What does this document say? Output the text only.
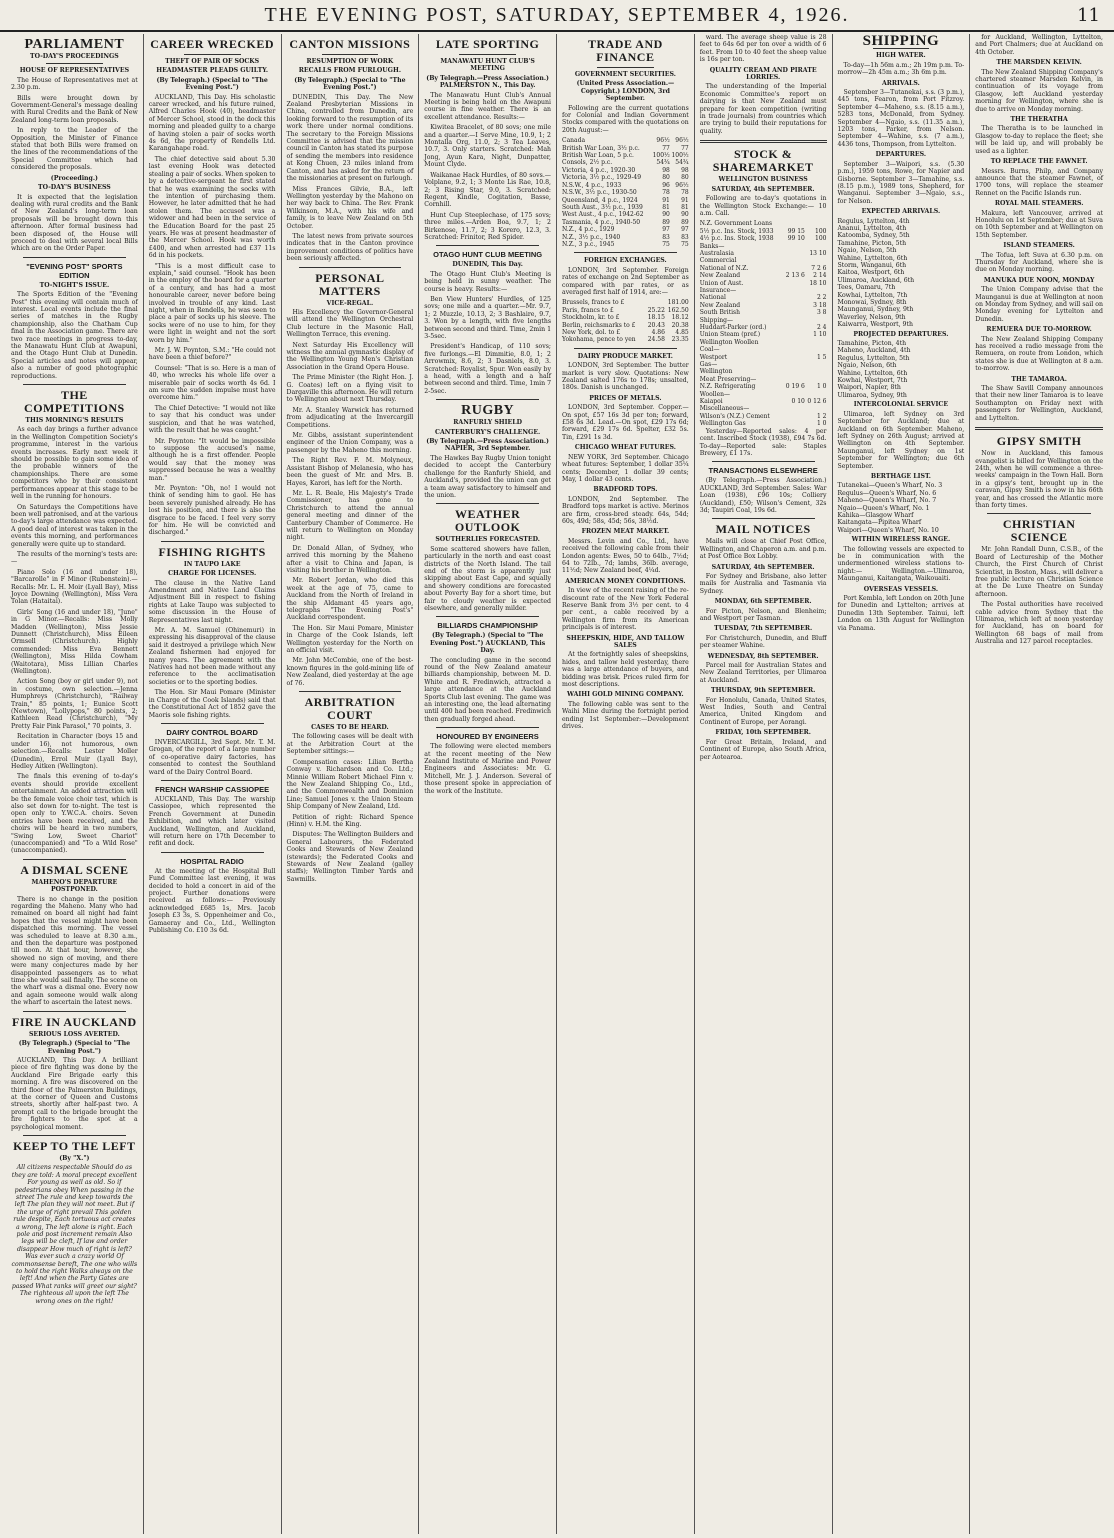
THE EVENING POST, SATURDAY, SEPTEMBER 4, 1926.	11
PARLIAMENT
TO-DAY'S PROCEEDINGS
HOUSE OF REPRESENTATIVES

The House of Representatives met at 2.30 p.m.

Bills were brought down by Government-General's message dealing with Rural Credits and the Bank of New Zealand long-term loan proposals.

In reply to the Leader of the Opposition, the Minister of Finance stated that both Bills were framed on the lines of the recommendations of the Special Committee which had considered the proposals.

(Proceeding.)
TO-DAY'S BUSINESS

It is expected that the legislation dealing with rural credits and the Bank of New Zealand's long-term loan proposals will be brought down this afternoon. After formal business had been disposed of, the House will proceed to deal with several local Bills which are on the Order Paper.

"EVENING POST" SPORTS EDITION
TO-NIGHT'S ISSUE.

The Sports Edition of the "Evening Post" this evening will contain much of interest. Local events include the final series of matches in the Rugby championship, also the Chatham Cup final in the Association game. There are two race meetings in progress to-day, the Manawatu Hunt Club at Awapuni, and the Otago Hunt Club at Dunedin. Special articles and notes will appear, also a number of good photographic reproductions.

THE COMPETITIONS
THIS MORNING'S RESULTS

As each day brings a further advance in the Wellington Competition Society's programme, interest in the various events increases. Early next week it should be possible to gain some idea of the probable winners of the championships. There are some competitors who by their consistent performances appear at this stage to be well in the running for honours.

On Saturdays the Competitions have been well patronised, and at the various to-day's large attendance was expected. A good deal of interest was taken in the events this morning, and performances generally were quite up to standard.

The results of the morning's tests are:—

Piano Solo (16 and under 18), "Barcarolle" in F Minor (Rubenstein).—Recalls: Mr. L. H. Moir (Lyall Bay), Miss Joyce Downing (Wellington), Miss Vera Tolan (Hataitai).

Girls' Song (16 and under 18), "June" in G Minor.—Recalls: Miss Molly Madden (Wellington), Miss Jessie Dunnett (Christchurch), Miss Eileen Ormsell (Christchurch). Highly commended: Miss Eva Bennett (Wellington), Miss Hilda Cowham (Waitotara), Miss Lillian Charles (Wellington).

Action Song (boy or girl under 9), not in costume, own selection.—Jenna Humphreys (Christchurch), "Railway Train," 85 points, 1; Eunice Scott (Newtown), "Lollypops," 80 points, 2; Kathleen Read (Christchurch), "My Pretty Fair Pink Parasol," 70 points, 3.

Recitation in Character (boys 15 and under 16), not humorous, own selection.—Recalls: Lester Moller (Dunedin), Errol Muir (Lyall Bay), Hedley Aitken (Wellington).

The finals this evening of to-day's events should provide excellent entertainment. An added attraction will be the female voice choir test, which is also set down for to-night. The test is open only to Y.W.C.A. choirs. Seven entries have been received, and the choirs will be heard in two numbers, "Swing Low, Sweet Chariot" (unaccompanied) and "To a Wild Rose" (unaccompanied).

A DISMAL SCENE
MAHENO'S DEPARTURE POSTPONED.

There is no change in the position regarding the Maheno. Many who had remained on board all night had faint hopes that the vessel might have been dispatched this morning. The vessel was scheduled to leave at 8.30 a.m., and then the departure was postponed till noon. At that hour, however, she showed no sign of moving, and there were many conjectures made by her disappointed passengers as to what time she would sail finally. The scene on the wharf was a dismal one. Every now and again someone would walk along the wharf to ascertain the latest news.

FIRE IN AUCKLAND
SERIOUS LOSS AVERTED.
(By Telegraph.) (Special to "The Evening Post.")

AUCKLAND, This Day. A brilliant piece of fire fighting was done by the Auckland Fire Brigade early this morning. A fire was discovered on the third floor of the Palmerston Buildings, at the corner of Queen and Customs streets, shortly after half-past two. A prompt call to the brigade brought the fire fighters to the spot at a psychological moment.

KEEP TO THE LEFT
(By "X.")
All citizens respectable Should do as they are told: A moral precept excellent For young as well as old. So if pedestrians obey When passing in the street The rule and keep towards the left The plan they will not meet. But if the urge of right prevail This golden rule despite, Each tortuous act creates a wrong, The left alone is right. Each pole and post increment remain Also legs will be cleft, If law and order disappear How much of right is left? Was ever such a crazy world Of commonsense bereft, The one who wills to hold the right Walks always on the left! And when the Party Gates are passed What ranks will greet our sight? The righteous all upon the left The wrong ones on the right!
CAREER WRECKED
THEFT OF PAIR OF SOCKS
HEADMASTER PLEADS GUILTY.
(By Telegraph.) (Special to "The Evening Post.")

AUCKLAND, This Day. His scholastic career wrecked, and his future ruined, Alfred Charles Hook (40), headmaster of Mercer School, stood in the dock this morning and pleaded guilty to a charge of having stolen a pair of socks worth 4s 6d, the property of Rendells Ltd. Karangahape road.

The chief detective said about 5.30 last evening Hook was detected stealing a pair of socks. When spoken to by a detective-sergeant he first stated that he was examining the socks with the intention of purchasing them. However, he later admitted that he had stolen them. The accused was a widower and had been in the service of the Education Board for the past 25 years. He was at present headmaster of the Mercer School. Hook was worth £400, and when arrested had £37 11s 6d in his pockets.

"This is a most difficult case to explain," said counsel. "Hook has been in the employ of the board for a quarter of a century, and has had a most honourable career, never before being involved in trouble of any kind. Last night, when in Rendells, he was seen to place a pair of socks up his sleeve. The socks were of no use to him, for they were light in weight and not the sort worn by him."

Mr. J. W. Poynton, S.M.: "He could not have been a thief before?"

Counsel: "That is so. Here is a man of 40, who wrecks his whole life over a miserable pair of socks worth 4s 6d. I am sure the sudden impulse must have overcome him."

The Chief Detective: "I would not like to say that his conduct was under suspicion, and that he was watched, with the result that he was caught."

Mr. Poynton: "It would be impossible to suppose the accused's name, although he is a first offender. People would say that the money was suppressed because he was a wealthy man."

Mr. Poynton: "Oh, no! I would not think of sending him to gaol. He has been severely punished already. He has lost his position, and there is also the disgrace to be faced. I feel very sorry for him. He will be convicted and discharged."

FISHING RIGHTS
IN TAUPO LAKE
CHARGE FOR LICENSES.

The clause in the Native Land Amendment and Native Land Claims Adjustment Bill in respect to fishing rights at Lake Taupo was subjected to some discussion in the House of Representatives last night.

Mr. A. M. Samuel (Ohinemuri) in expressing his disapproval of the clause said it destroyed a privilege which New Zealand fishermen had enjoyed for many years. The agreement with the Natives had not been made without any reference to the acclimatisation societies or to the sporting bodies.

The Hon. Sir Maui Pomare (Minister in Charge of the Cook Islands) said that the Constitutional Act of 1852 gave the Maoris sole fishing rights.

DAIRY CONTROL BOARD

INVERCARGILL, 3rd Sept. Mr. T. M. Grogan, of the report of a large number of co-operative dairy factories, has consented to contest the Southland ward of the Dairy Control Board.

FRENCH WARSHIP CASSIOPEE

AUCKLAND, This Day. The warship Cassiopee, which represented the French Government at Dunedin Exhibition, and which later visited Auckland, Wellington, and Auckland, will return here on 17th December to refit and dock.

HOSPITAL RADIO

At the meeting of the Hospital Bull Fund Committee last evening, it was decided to hold a concert in aid of the project. Further donations were received as follows:— Previously acknowledged £685 1s, Mrs. Jacob Joseph £3 3s, S. Oppenheimer and Co., Gamaeray and Co., Ltd., Wellington Publishing Co. £10 3s 6d.

CANTON MISSIONS
RESUMPTION OF WORK
RECALLS FROM FURLOUGH.
(By Telegraph.) (Special to "The Evening Post.")

DUNEDIN, This Day. The New Zealand Presbyterian Missions in China, controlled from Dunedin, are looking forward to the resumption of its work there under normal conditions. The secretary to the Foreign Missions Committee is advised that the mission council in Canton has stated its purpose of sending the members into residence at Kong Chuen, 23 miles inland from Canton, and has asked for the return of the missionaries at present on furlough.

Miss Frances Gilvie, B.A., left Wellington yesterday by the Mahono on her way back to China. The Rev. Frank Wilkinson, M.A., with his wife and family, is to leave New Zealand on 5th October.

The latest news from private sources indicates that in the Canton province improvement conditions of politics have been seriously affected.

PERSONAL MATTERS
VICE-REGAL.

His Excellency the Governor-General will attend the Wellington Orchestral Club lecture in the Masonic Hall, Wellington Terrace, this evening.

Next Saturday His Excellency will witness the annual gymnastic display of the Wellington Young Men's Christian Association in the Grand Opera House.

The Prime Minister (the Right Hon. J. G. Coates) left on a flying visit to Dargaville this afternoon. He will return to Wellington about next Thursday.

Mr. A. Stanley Warwick has returned from adjudicating at the Invercargill Competitions.

Mr. Gibbs, assistant superintendent engineer of the Union Company, was a passenger by the Maheno this morning.

The Right Rev. F. M. Molyneux, Assistant Bishop of Melanesia, who has been the guest of Mr. and Mrs. B. Hayes, Karori, has left for the North.

Mr. L. R. Beale, His Majesty's Trade Commissioner, has gone to Christchurch to attend the annual general meeting and dinner of the Canterbury Chamber of Commerce. He will return to Wellington on Monday night.

Dr. Donald Allan, of Sydney, who arrived this morning by the Maheno after a visit to China and Japan, is visiting his brother in Wellington.

Mr. Robert Jordan, who died this week at the age of 75, came to Auckland from the North of Ireland in the ship Aldamant 45 years ago, telegraphs "The Evening Post's" Auckland correspondent.

The Hon. Sir Maui Pomare, Minister in Charge of the Cook Islands, left Wellington yesterday for the North on an official visit.

Mr. John McCombie, one of the best-known figures in the gold-mining life of New Zealand, died yesterday at the age of 76.

ARBITRATION COURT
CASES TO BE HEARD.

The following cases will be dealt with at the Arbitration Court at the September sittings:—

Compensation cases: Lilian Bertha Conway v. Richardson and Co. Ltd.; Minnie William Robert Michael Finn v. the New Zealand Shipping Co., Ltd., and the Commonwealth and Dominion Line; Samuel Jones v. the Union Steam Ship Company of New Zealand, Ltd.

Petition of right: Richard Spence (Hinn) v. H.M. the King.

Disputes: The Wellington Builders and General Labourers, the Federated Cooks and Stewards of New Zealand (stewards); the Federated Cooks and Stewards of New Zealand (galley staffs); Wellington Timber Yards and Sawmills.

LATE SPORTING
MANAWATU HUNT CLUB'S MEETING
(By Telegraph.—Press Association.) PALMERSTON N., This Day.

The Manawatu Hunt Club's Annual Meeting is being held on the Awapuni course in fine weather. There is an excellent attendance. Results:—

Kiwitea Bracelet, of 80 sovs; one mile and a quarter.—I Serve Mine, 10.9, 1; 2 Montalla Org, 11.0, 2; 3 Tea Leaves, 10.7, 3. Only starters. Scratched: Mah Jong, Ayun Kara, Night, Dunpatter, Mount Clyde.

Waikanae Hack Hurdles, of 80 sovs.—Volplane, 9.2, 1; 3 Monte Lis Rae, 10.8, 2; 3 Rising Star, 9.0, 3. Scratched: Regent, Kindle, Cogitation, Basse, Cornhill.

Hunt Cup Steeplechase, of 175 sovs; three miles.—Arden Boa, 9.7, 1; 2 Birkenose, 11.7, 2; 3 Korero, 12.3, 3. Scratched: Frinitor, Red Spider.

OTAGO HUNT CLUB MEETING
DUNEDIN, This Day.

The Otago Hunt Club's Meeting is being held in sunny weather. The course is heavy. Results:—

Ben View Hunters' Hurdles, of 125 sovs; one mile and a quarter.—Mr. 9.7, 1; 2 Muzzle, 10.13, 2; 3 Bashlaire, 9.7, 3. Won by a length, with five lengths between second and third. Time, 2min 1 3-5sec.

President's Handicap, of 110 sovs; five furlongs.—El Dimmitie, 8.0, 1; 2 Arrowmix, 8.6, 2; 3 Dasniels, 8.0, 3. Scratched: Royalist, Spur. Won easily by a head, with a length and a half between second and third. Time, 1min 7 2-5sec.

RUGBY
RANFURLY SHIELD
CANTERBURY'S CHALLENGE.
(By Telegraph.—Press Association.) NAPIER, 3rd September.

The Hawkes Bay Rugby Union tonight decided to accept the Canterbury challenge for the Ranfurly Shield, and Auckland's, provided the union can get a team away satisfactory to himself and the union.

WEATHER OUTLOOK
SOUTHERLIES FORECASTED.

Some scattered showers have fallen, particularly in the north and east coast districts of the North Island. The tail end of the storm is apparently just skipping about East Cape, and squally and showery conditions are forecasted about Poverty Bay for a short time, but fair to cloudy weather is expected elsewhere, and generally milder.

BILLIARDS CHAMPIONSHIP
(By Telegraph.) (Special to "The Evening Post.") AUCKLAND, This Day.

The concluding game in the second round of the New Zealand amateur billiards championship, between M. D. White and R. Fredinwich, attracted a large attendance at the Auckland Sports Club last evening. The game was an interesting one, the lead alternating until 400 had been reached. Fredinwich then gradually forged ahead.

HONOURED BY ENGINEERS

The following were elected members at the recent meeting of the New Zealand Institute of Marine and Power Engineers and Associates: Mr. G. Mitchell, Mr. J. J. Anderson. Several of those present spoke in appreciation of the work of the Institute.

TRADE AND FINANCE
GOVERNMENT SECURITIES.
(United Press Association.—Copyright.) LONDON, 3rd September.

Following are the current quotations for Colonial and Indian Government Stocks compared with the quotations on 20th August:—

Canada	96½	96½
British War Loan, 3½ p.c.	77	77
British War Loan, 5 p.c.	100½	100½
Consols, 2½ p.c.	54¾	54¾
Victoria, 4 p.c., 1920-30	98	98
Victoria, 3½ p.c., 1929-49	80	80
N.S.W., 4 p.c., 1933	96	96½
N.S.W., 3½ p.c., 1930-50	78	78
Queensland, 4 p.c., 1924	91	91
South Aust., 3½ p.c., 1939	81	81
West Aust., 4 p.c., 1942-62	90	90
Tasmania, 4 p.c., 1940-50	89	89
N.Z., 4 p.c., 1929	97	97
N.Z., 3½ p.c., 1940	83	83
N.Z., 3 p.c., 1945	75	75
FOREIGN EXCHANGES.

LONDON, 3rd September. Foreign rates of exchange on 2nd September as compared with par rates, or as averaged first half of 1914, are:—

Brussels, francs to £		181.00
Paris, francs to £	25.22	162.50
Stockholm, kr. to £	18.15	18.12
Berlin, reichsmarks to £	20.43	20.38
New York, dol. to £	4.86	4.85
Yokohama, pence to yen	24.58	23.35
DAIRY PRODUCE MARKET.

LONDON, 3rd September. The butter market is very slow. Quotations: New Zealand salted 176s to 178s; unsalted, 180s. Danish is unchanged.

PRICES OF METALS.

LONDON, 3rd September. Copper.—On spot, £57 16s 3d per ton; forward, £58 6s 3d. Lead.—On spot, £29 17s 6d; forward, £29 17s 6d. Spelter, £32 5s. Tin, £291 1s 3d.

CHICAGO WHEAT FUTURES.

NEW YORK, 3rd September. Chicago wheat futures: September, 1 dollar 35¼ cents; December, 1 dollar 39 cents; May, 1 dollar 43 cents.

BRADFORD TOPS.

LONDON, 2nd September. The Bradford tops market is active. Merinos are firm, cross-bred steady. 64s, 54d; 60s, 49d; 58s, 45d; 56s, 38½d.

FROZEN MEAT MARKET.

Messrs. Levin and Co., Ltd., have received the following cable from their London agents: Ewes, 50 to 64lb., 7½d; 64 to 72lb., 7d; lambs, 36lb. average, 11½d; New Zealand beef, 4¼d.

AMERICAN MONEY CONDITIONS.

In view of the recent raising of the re-discount rate of the New York Federal Reserve Bank from 3½ per cent. to 4 per cent., a cable received by a Wellington firm from its American principals is of interest.

SHEEPSKIN, HIDE, AND TALLOW SALES

At the fortnightly sales of sheepskins, hides, and tallow held yesterday, there was a large attendance of buyers, and bidding was brisk. Prices ruled firm for most descriptions.

WAIHI GOLD MINING COMPANY.

The following cable was sent to the Waihi Mine during the fortnight period ending 1st September:—Development drives.

ward. The average sheep value is 28 feet to 64s 6d per ton over a width of 6 feet. From 10 to 40 feet the sheep value is 16s per ton.

QUALITY CREAM AND PIRATE LORRIES.

The understanding of the Imperial Economic Committee's report on dairying is that New Zealand must prepare for keen competition (writing in trade journals) from countries which are trying to build their reputations for quality.

STOCK & SHAREMARKET
WELLINGTON BUSINESS
SATURDAY, 4th SEPTEMBER.

Following are to-day's quotations in the Wellington Stock Exchange:— 10 a.m. Call.

N.Z. Government Loans		
5½ p.c. Ins. Stock, 1933	99 15	100
4½ p.c. Ins. Stock, 1938	99 10	100
Banks—		
Australasia		13 10
Commercial		
National of N.Z.		7 2 6
New Zealand	2 13 6	2 14
Union of Aust.		18 10
Insurance—		
National		2 2
New Zealand		3 18
South British		3 8
Shipping—		
Huddart-Parker (ord.)		2 4
Union Steam (pref.)		1 10
Wellington Woollen		
Coal—		
Westport		1 5
Gas—		
Wellington		
Meat Preserving—		
N.Z. Refrigerating	0 19 6	1 0
Woollen—		
Kaiapoi	0 10	0 12 6
Miscellaneous—		
Wilson's (N.Z.) Cement		1 2
Wellington Gas		1 0

Yesterday—Reported sales: 4 per cent. Inscribed Stock (1938), £94 7s 6d. To-day—Reported sale: Staples Brewery, £1 17s.

TRANSACTIONS ELSEWHERE

(By Telegraph.—Press Association.) AUCKLAND, 3rd September. Sales: War Loan (1938), £96 10s; Colliery (Auckland), £50; Wilson's Cement, 32s 3d; Taupiri Coal, 19s 6d.

MAIL NOTICES

Mails will close at Chief Post Office, Wellington, and Chaperon a.m. and p.m. at Post Office Box Lobby.

SATURDAY, 4th SEPTEMBER.

For Sydney and Brisbane, also letter mails for Australia and Tasmania via Sydney.

MONDAY, 6th SEPTEMBER.

For Picton, Nelson, and Blenheim; and Westport per Tasman.

TUESDAY, 7th SEPTEMBER.

For Christchurch, Dunedin, and Bluff per steamer Wahine.

WEDNESDAY, 8th SEPTEMBER.

Parcel mail for Australian States and New Zealand Territories, per Ulimaroa at Auckland.

THURSDAY, 9th SEPTEMBER.

For Honolulu, Canada, United States, West Indies, South and Central America, United Kingdom and Continent of Europe, per Aorangi.

FRIDAY, 10th SEPTEMBER.

For Great Britain, Ireland, and Continent of Europe, also South Africa, per Aotearoa.

SHIPPING
HIGH WATER.

To-day—1h 56m a.m.; 2h 19m p.m. To-morrow—2h 45m a.m.; 3h 6m p.m.

ARRIVALS.

September 3—Tutanekai, s.s. (3 p.m.), 445 tons, Fearon, from Port Fitzroy. September 4—Maheno, s.s. (8.15 a.m.), 5283 tons, McDonald, from Sydney. September 4—Ngaio, s.s. (11.35 a.m.), 1203 tons, Parker, from Nelson. September 4—Wahine, s.s. (7 a.m.), 4436 tons, Thompson, from Lyttelton.

DEPARTURES.

September 3—Waipori, s.s. (5.30 p.m.), 1959 tons, Rowe, for Napier and Gisborne. September 3—Tamahine, s.s. (8.15 p.m.), 1989 tons, Shepherd, for Wanganui. September 3—Ngaio, s.s., for Nelson.

EXPECTED ARRIVALS.
Regulus, Lyttelton, 4th
Ananui, Lyttelton, 4th
Katoomba, Sydney, 5th
Tamahine, Picton, 5th
Ngaio, Nelson, 5th
Wahine, Lyttelton, 6th
Storm, Wanganui, 6th
Kaitoa, Westport, 6th
Ulimaroa, Auckland, 6th
Tees, Oamaru, 7th
Kowhai, Lyttelton, 7th
Monowai, Sydney, 8th
Maunganui, Sydney, 9th
Waverley, Nelson, 9th
Kaiwarra, Westport, 9th
PROJECTED DEPARTURES.
Tamahine, Picton, 4th
Maheno, Auckland, 4th
Regulus, Lyttelton, 5th
Ngaio, Nelson, 6th
Wahine, Lyttelton, 6th
Kowhai, Westport, 7th
Waipori, Napier, 8th
Ulimaroa, Sydney, 9th
INTERCOLONIAL SERVICE

Ulimaroa, left Sydney on 3rd September for Auckland; due at Auckland on 6th September. Maheno, left Sydney on 26th August; arrived at Wellington on 4th September. Maunganui, left Sydney on 1st September for Wellington; due 6th September.

BERTHAGE LIST.
Tutanekai—Queen's Wharf, No. 3
Regulus—Queen's Wharf, No. 6
Maheno—Queen's Wharf, No. 7
Ngaio—Queen's Wharf, No. 1
Kahika—Glasgow Wharf
Kaitangata—Pipitea Wharf
Waipori—Queen's Wharf, No. 10
WITHIN WIRELESS RANGE.

The following vessels are expected to be in communication with the undermentioned wireless stations to-night:— Wellington.—Ulimaroa, Maunganui, Kaitangata, Waikouaiti.

OVERSEAS VESSELS.

Port Kembla, left London on 20th June for Dunedin and Lyttelton; arrives at Dunedin 13th September. Tainui, left London on 13th August for Wellington via Panama.

for Auckland, Wellington, Lyttelton, and Port Chalmers; due at Auckland on 4th October.

THE MARSDEN KELVIN.

The New Zealand Shipping Company's chartered steamer Marsden Kelvin, in continuation of its voyage from Glasgow, left Auckland yesterday morning for Wellington, where she is due to arrive on Monday morning.

THE THERATHA

The Theratha is to be launched in Glasgow to-day to replace the fleet; she will be laid up, and will probably be used as a lighter.

TO REPLACE THE FAWNET.

Messrs. Burns, Philp, and Company announce that the steamer Fawnet, of 1700 tons, will replace the steamer Rennet on the Pacific Islands run.

ROYAL MAIL STEAMERS.

Makura, left Vancouver, arrived at Honolulu on 1st September; due at Suva on 10th September and at Wellington on 15th September.

ISLAND STEAMERS.

The Tofua, left Suva at 6.30 p.m. on Thursday for Auckland, where she is due on Monday morning.

MANUKA DUE NOON, MONDAY

The Union Company advise that the Maunganui is due at Wellington at noon on Monday from Sydney, and will sail on Monday evening for Lyttelton and Dunedin.

REMUERA DUE TO-MORROW.

The New Zealand Shipping Company has received a radio message from the Remuera, on route from London, which states she is due at Wellington at 8 a.m. to-morrow.

THE TAMAROA.

The Shaw Savill Company announces that their new liner Tamaroa is to leave Southampton on Friday next with passengers for Wellington, Auckland, and Lyttelton.

GIPSY SMITH

Now in Auckland, this famous evangelist is billed for Wellington on the 24th, when he will commence a three-weeks' campaign in the Town Hall. Born in a gipsy's tent, brought up in the caravan, Gipsy Smith is now in his 66th year, and has crossed the Atlantic more than forty times.

CHRISTIAN SCIENCE

Mr. John Randall Dunn, C.S.B., of the Board of Lectureship of the Mother Church, the First Church of Christ Scientist, in Boston, Mass., will deliver a free public lecture on Christian Science at the De Luxe Theatre on Sunday afternoon.

The Postal authorities have received cable advice from Sydney that the Ulimaroa, which left at noon yesterday for Auckland, has on board for Wellington 68 bags of mail from Australia and 127 parcel receptacles.
